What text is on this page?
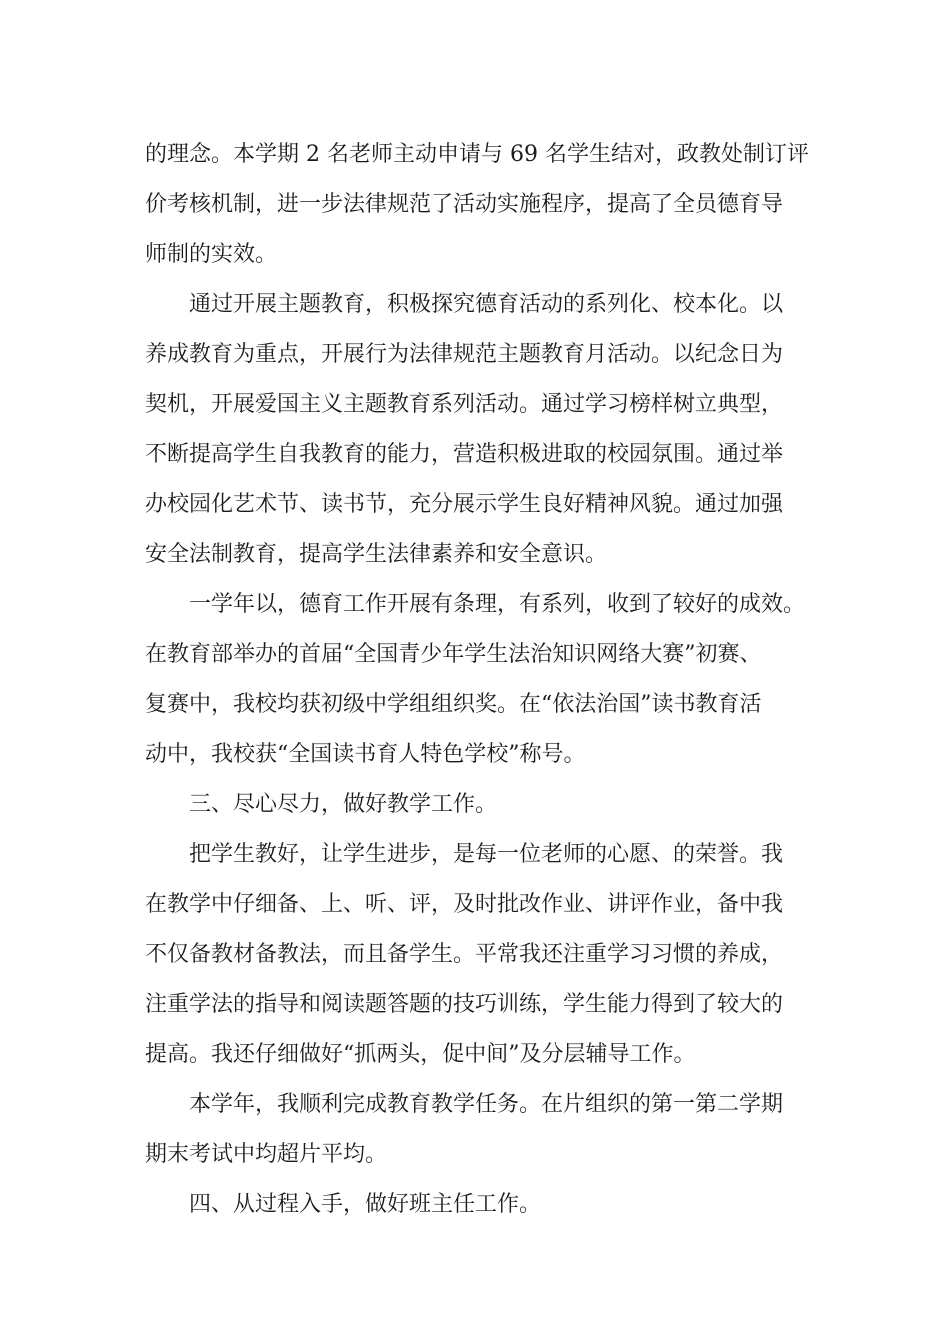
的理念。本学期 2 名老师主动申请与 69 名学生结对，政教处制订评
价考核机制，进一步法律规范了活动实施程序，提高了全员德育导
师制的实效。
通过开展主题教育，积极探究德育活动的系列化、校本化。以
养成教育为重点，开展行为法律规范主题教育月活动。以纪念日为
契机，开展爱国主义主题教育系列活动。通过学习榜样树立典型，
不断提高学生自我教育的能力，营造积极进取的校园氛围。通过举
办校园化艺术节、读书节，充分展示学生良好精神风貌。通过加强
安全法制教育，提高学生法律素养和安全意识。
一学年以，德育工作开展有条理，有系列，收到了较好的成效。
在教育部举办的首届“全国青少年学生法治知识网络大赛”初赛、
复赛中，我校均获初级中学组组织奖。在“依法治国”读书教育活
动中，我校获“全国读书育人特色学校”称号。
三、尽心尽力，做好教学工作。
把学生教好，让学生进步，是每一位老师的心愿、的荣誉。我
在教学中仔细备、上、听、评，及时批改作业、讲评作业，备中我
不仅备教材备教法，而且备学生。平常我还注重学习习惯的养成，
注重学法的指导和阅读题答题的技巧训练，学生能力得到了较大的
提高。我还仔细做好“抓两头，促中间”及分层辅导工作。
本学年，我顺利完成教育教学任务。在片组织的第一第二学期
期末考试中均超片平均。
四、从过程入手，做好班主任工作。
